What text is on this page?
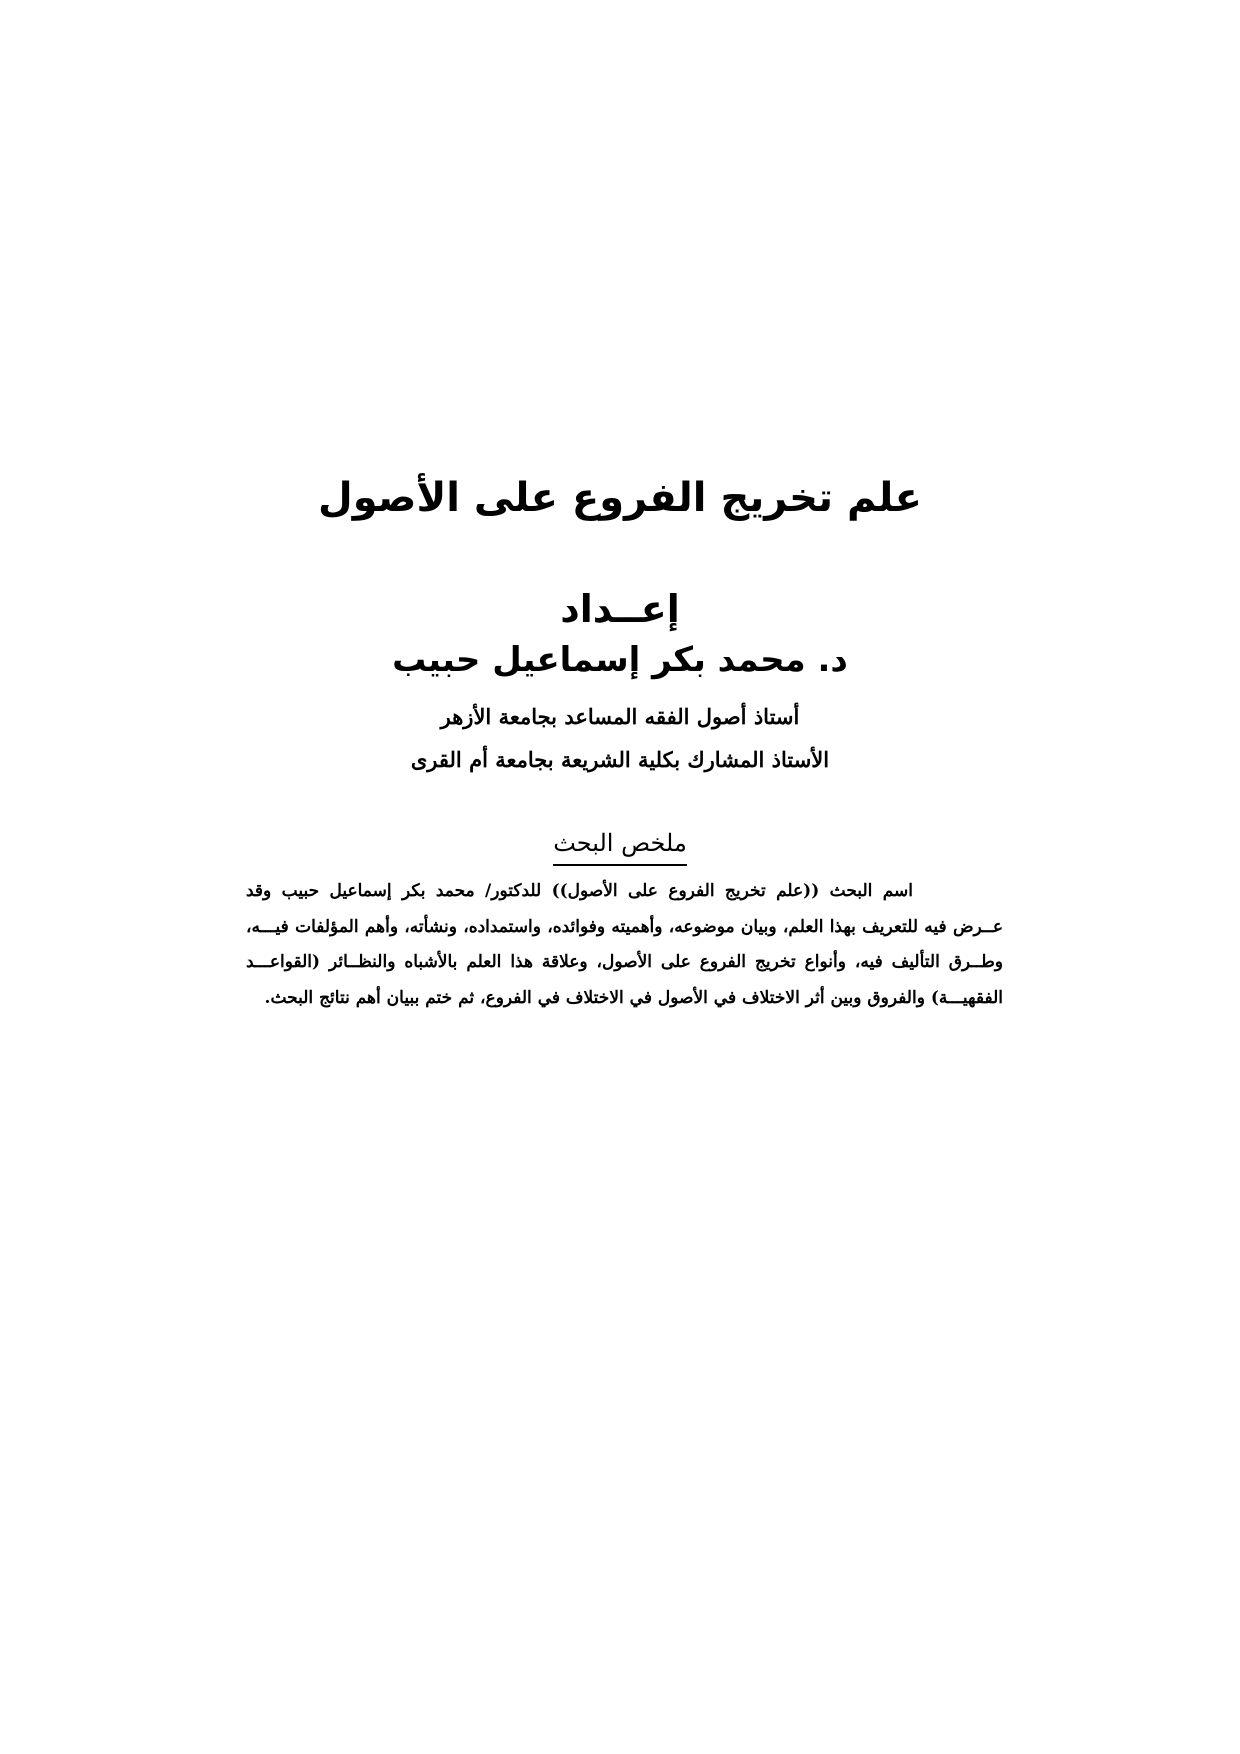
علم تخريج الفروع على الأصول
إعــداد
د. محمد بكر إسماعيل حبيب
أستاذ أصول الفقه المساعد بجامعة الأزهر
الأستاذ المشارك بكلية الشريعة بجامعة أم القرى
ملخص البحث

اسم البحث ((علم تخريج الفروع على الأصول)) للدكتور/ محمد بكر إسماعيل حبيب وقد عــرض فيه للتعريف بهذا العلم، وبيان موضوعه، وأهميته وفوائده، واستمداده، ونشأته، وأهم المؤلفات فيـــه، وطــرق التأليف فيه، وأنواع تخريج الفروع على الأصول، وعلاقة هذا العلم بالأشباه والنظــائر (القواعـــد الفقهيـــة) والفروق وبين أثر الاختلاف في الأصول في الاختلاف في الفروع، ثم ختم ببيان أهم نتائج البحث.
